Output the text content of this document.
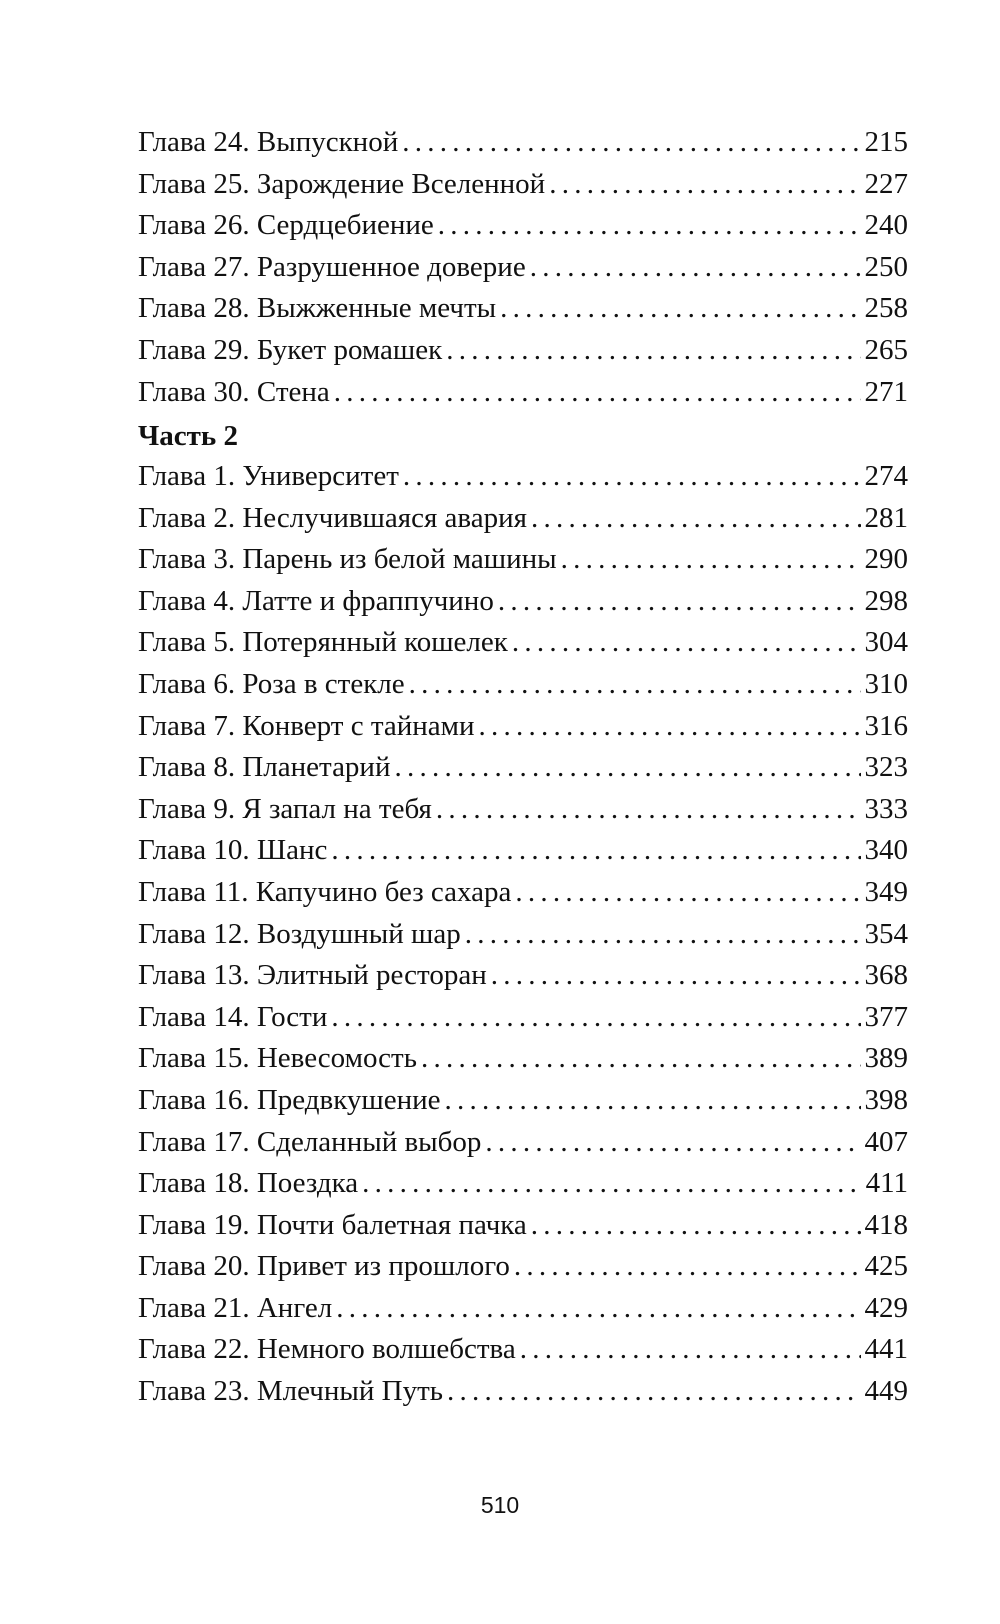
Глава 24. Выпускной . . .	215
Глава 25. Зарождение Вселенной . . .	227
Глава 26. Сердцебиение . . .	240
Глава 27. Разрушенное доверие . . .	250
Глава 28. Выжженные мечты . . .	258
Глава 29. Букет ромашек . . .	265
Глава 30. Стена . . .	271
Часть 2
Глава 1. Университет . . .	274
Глава 2. Неслучившаяся авария . . .	281
Глава 3. Парень из белой машины . . .	290
Глава 4. Латте и фраппучино . . .	298
Глава 5. Потерянный кошелек . . .	304
Глава 6. Роза в стекле . . .	310
Глава 7. Конверт с тайнами . . .	316
Глава 8. Планетарий . . .	323
Глава 9. Я запал на тебя . . .	333
Глава 10. Шанс . . .	340
Глава 11. Капучино без сахара . . .	349
Глава 12. Воздушный шар . . .	354
Глава 13. Элитный ресторан . . .	368
Глава 14. Гости . . .	377
Глава 15. Невесомость . . .	389
Глава 16. Предвкушение . . .	398
Глава 17. Сделанный выбор . . .	407
Глава 18. Поездка . . .	411
Глава 19. Почти балетная пачка . . .	418
Глава 20. Привет из прошлого . . .	425
Глава 21. Ангел . . .	429
Глава 22. Немного волшебства . . .	441
Глава 23. Млечный Путь . . .	449
510
